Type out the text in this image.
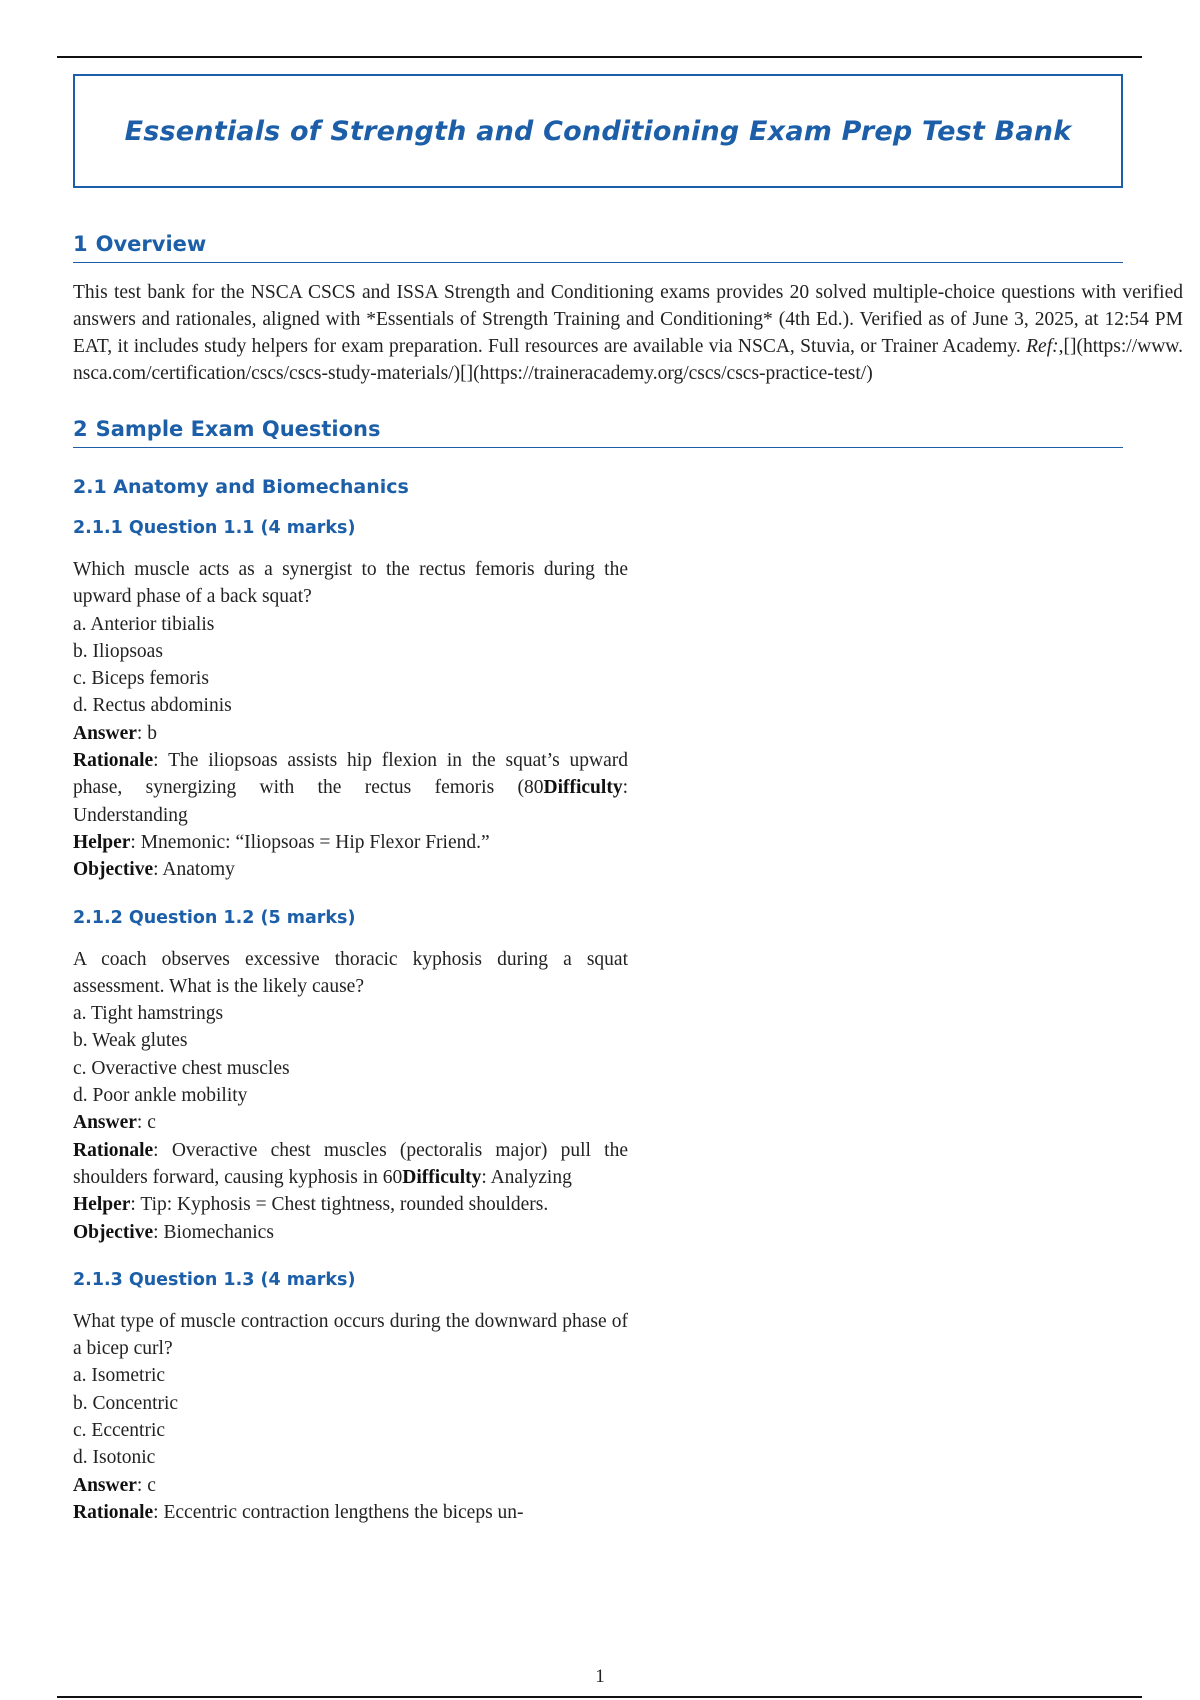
Essentials of Strength and Conditioning Exam Prep Test Bank
1 Overview
This test bank for the NSCA CSCS and ISSA Strength and Conditioning exams provides 20 solved multiple-choice questions with verified answers and rationales, aligned with *Essentials of Strength Training and Conditioning* (4th Ed.). Verified as of June 3, 2025, at 12:54 PM EAT, it includes study helpers for exam preparation. Full resources are available via NSCA, Stuvia, or Trainer Academy. Ref:,[](https://www.nsca.com/certification/cscs/cscs-study-materials/)[](https://traineracademy.org/cscs/cscs-practice-test/)
2 Sample Exam Questions
2.1 Anatomy and Biomechanics
2.1.1 Question 1.1 (4 marks)
Which muscle acts as a synergist to the rectus femoris during the upward phase of a back squat?
a. Anterior tibialis
b. Iliopsoas
c. Biceps femoris
d. Rectus abdominis
Answer: b
Rationale: The iliopsoas assists hip flexion in the squat’s upward phase, synergizing with the rectus femoris (80Difficulty: Understanding
Helper: Mnemonic: “Iliopsoas = Hip Flexor Friend.”
Objective: Anatomy
2.1.2 Question 1.2 (5 marks)
A coach observes excessive thoracic kyphosis during a squat assessment. What is the likely cause?
a. Tight hamstrings
b. Weak glutes
c. Overactive chest muscles
d. Poor ankle mobility
Answer: c
Rationale: Overactive chest muscles (pectoralis major) pull the shoulders forward, causing kyphosis in 60Difficulty: Analyzing
Helper: Tip: Kyphosis = Chest tightness, rounded shoulders.
Objective: Biomechanics
2.1.3 Question 1.3 (4 marks)
What type of muscle contraction occurs during the downward phase of a bicep curl?
a. Isometric
b. Concentric
c. Eccentric
d. Isotonic
Answer: c
Rationale: Eccentric contraction lengthens the biceps un-
1
